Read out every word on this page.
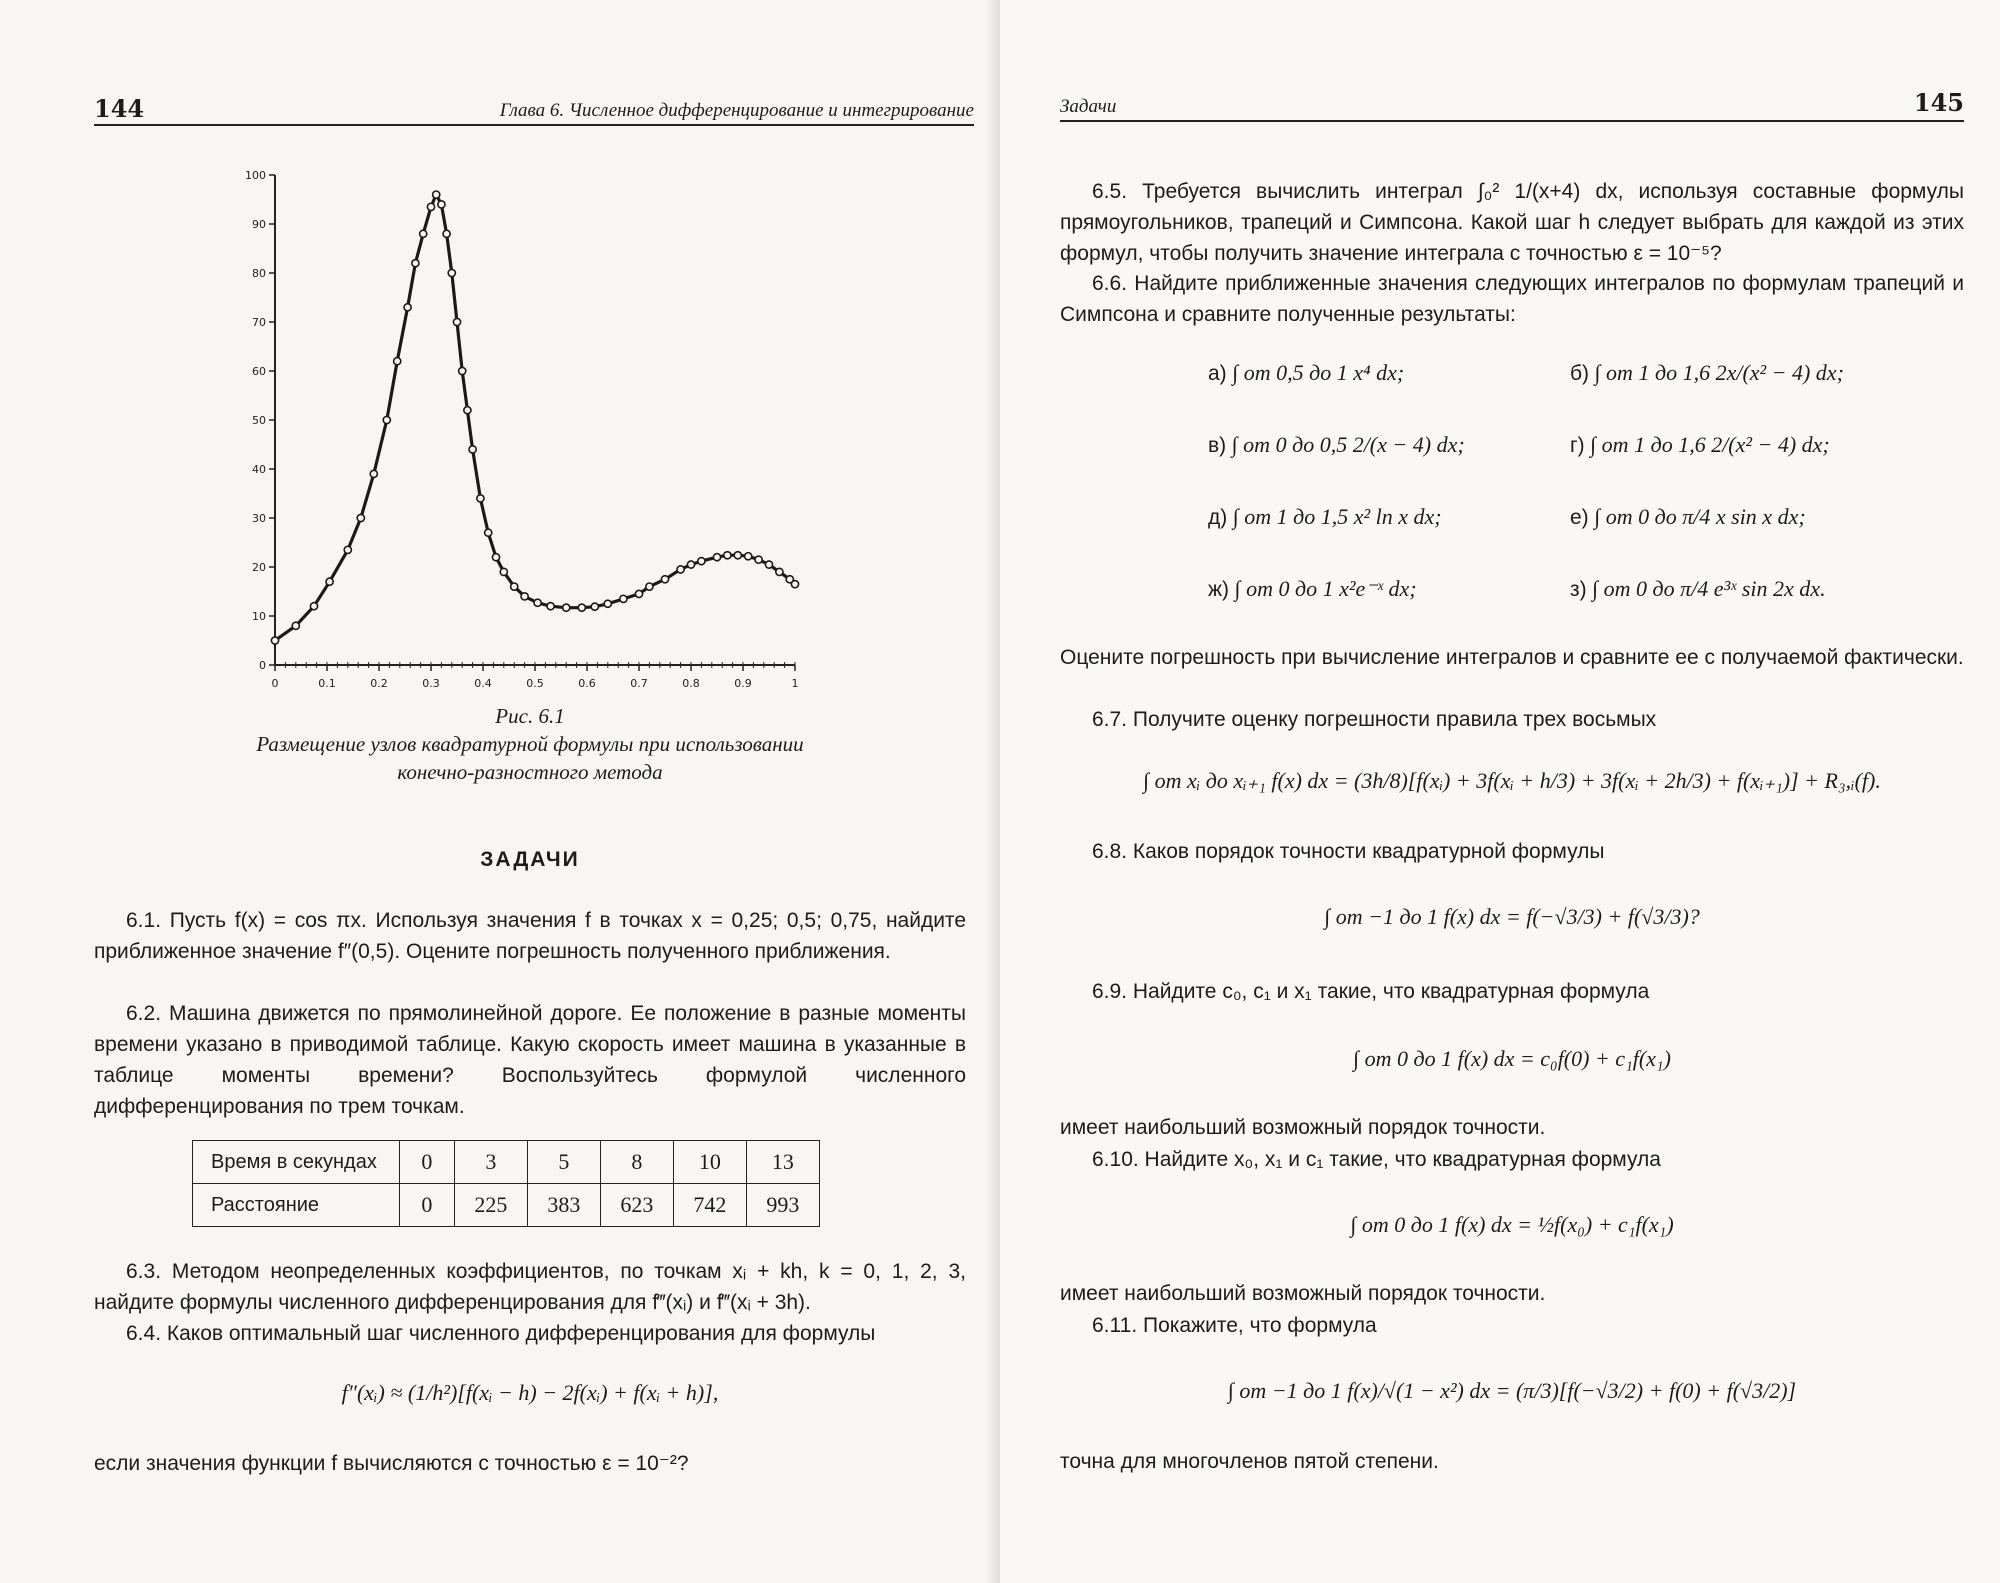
144	Глава 6. Численное дифференцирование и интегрирование
0	0.1	0.2	0.3	0.4	0.5	0.6	0.7	0.8	0.9	1
0
10
20
30
40
50
60
70
80
90
100
Рис. 6.1
Размещение узлов квадратурной формулы при использовании
конечно-разностного метода
ЗАДАЧИ
6.1. Пусть f(x) = cos πx. Используя значения f в точках x = 0,25; 0,5; 0,75, найдите приближенное значение f″(0,5). Оцените погрешность полученного приближения.
6.2. Машина движется по прямолинейной дороге. Ее положение в разные моменты времени указано в приводимой таблице. Какую скорость имеет машина в указанные в таблице моменты времени? Воспользуйтесь формулой численного дифференцирования по трем точкам.
Время в секундах	0	3	5	8	10	13
Расстояние	0	225	383	623	742	993
6.3. Методом неопределенных коэффициентов, по точкам xᵢ + kh, k = 0, 1, 2, 3, найдите формулы численного дифференцирования для f‴(xᵢ) и f‴(xᵢ + 3h).
6.4. Каков оптимальный шаг численного дифференцирования для формулы
f″(xᵢ) ≈ (1/h²)[f(xᵢ − h) − 2f(xᵢ) + f(xᵢ + h)],
если значения функции f вычисляются с точностью ε = 10⁻²?
Задачи	145
6.5. Требуется вычислить интеграл ∫₀² 1/(x+4) dx, используя составные формулы прямоугольников, трапеций и Симпсона. Какой шаг h следует выбрать для каждой из этих формул, чтобы получить значение интеграла с точностью ε = 10⁻⁵?
6.6. Найдите приближенные значения следующих интегралов по формулам трапеций и Симпсона и сравните полученные результаты:
а) ∫ от 0,5 до 1 x⁴ dx;	б) ∫ от 1 до 1,6 2x/(x² − 4) dx;
в) ∫ от 0 до 0,5 2/(x − 4) dx;	г) ∫ от 1 до 1,6 2/(x² − 4) dx;
д) ∫ от 1 до 1,5 x² ln x dx;	е) ∫ от 0 до π/4 x sin x dx;
ж) ∫ от 0 до 1 x²e⁻ˣ dx;	з) ∫ от 0 до π/4 e³ˣ sin 2x dx.
Оцените погрешность при вычисление интегралов и сравните ее с получаемой фактически.
6.7. Получите оценку погрешности правила трех восьмых
∫ от xᵢ до xᵢ₊₁ f(x) dx = (3h/8)[f(xᵢ) + 3f(xᵢ + h/3) + 3f(xᵢ + 2h/3) + f(xᵢ₊₁)] + R₃,ᵢ(f).
6.8. Каков порядок точности квадратурной формулы
∫ от −1 до 1 f(x) dx = f(−√3/3) + f(√3/3)?
6.9. Найдите c₀, c₁ и x₁ такие, что квадратурная формула
∫ от 0 до 1 f(x) dx = c₀f(0) + c₁f(x₁)
имеет наибольший возможный порядок точности.
6.10. Найдите x₀, x₁ и c₁ такие, что квадратурная формула
∫ от 0 до 1 f(x) dx = ½f(x₀) + c₁f(x₁)
имеет наибольший возможный порядок точности.
6.11. Покажите, что формула
∫ от −1 до 1 f(x)/√(1 − x²) dx = (π/3)[f(−√3/2) + f(0) + f(√3/2)]
точна для многочленов пятой степени.
